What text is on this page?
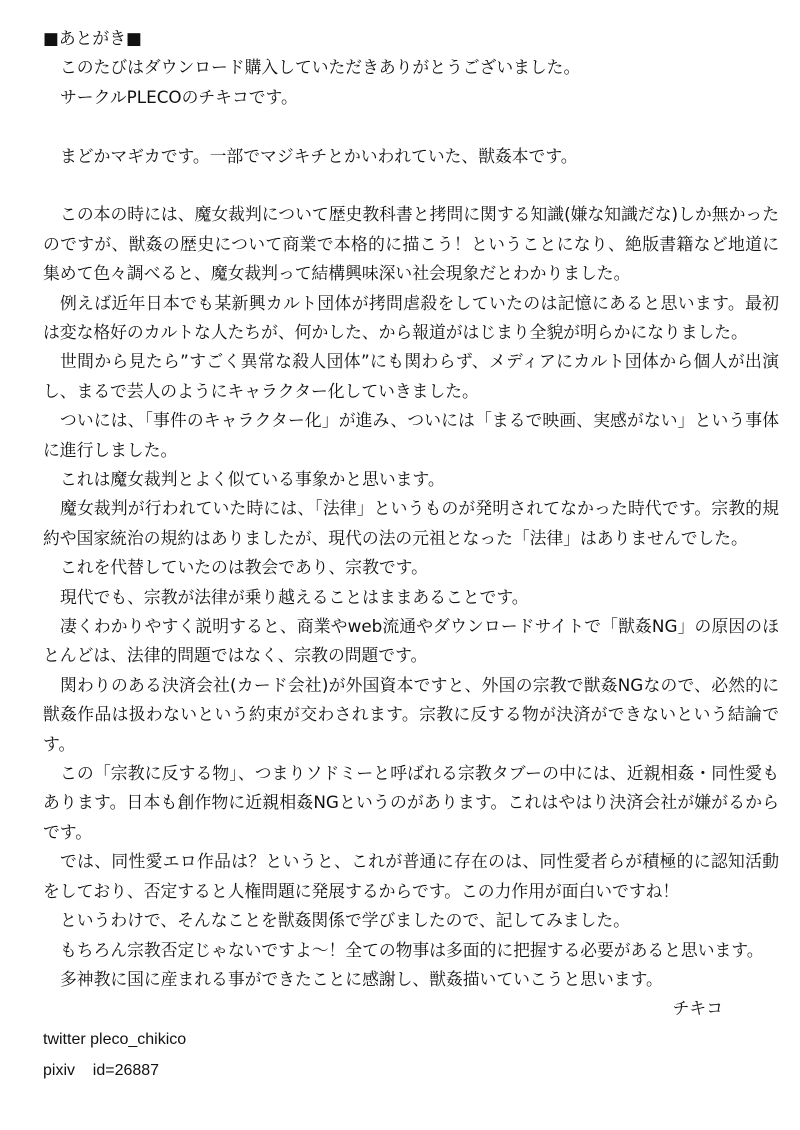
■あとがき■
このたびはダウンロード購入していただきありがとうございました。
サークルPLECOのチキコです。
まどかマギカです。一部でマジキチとかいわれていた、獣姦本です。
この本の時には、魔女裁判について歴史教科書と拷問に関する知識(嫌な知識だな)しか無かったのですが、獣姦の歴史について商業で本格的に描こう！ということになり、絶版書籍など地道に集めて色々調べると、魔女裁判って結構興味深い社会現象だとわかりました。
例えば近年日本でも某新興カルト団体が拷問虐殺をしていたのは記憶にあると思います。最初は変な格好のカルトな人たちが、何かした、から報道がはじまり全貌が明らかになりました。
世間から見たら”すごく異常な殺人団体”にも関わらず、メディアにカルト団体から個人が出演し、まるで芸人のようにキャラクター化していきました。
ついには、「事件のキャラクター化」が進み、ついには「まるで映画、実感がない」という事体に進行しました。
これは魔女裁判とよく似ている事象かと思います。
魔女裁判が行われていた時には、「法律」というものが発明されてなかった時代です。宗教的規約や国家統治の規約はありましたが、現代の法の元祖となった「法律」はありませんでした。
これを代替していたのは教会であり、宗教です。
現代でも、宗教が法律が乗り越えることはままあることです。
凄くわかりやすく説明すると、商業やweb流通やダウンロードサイトで「獣姦NG」の原因のほとんどは、法律的問題ではなく、宗教の問題です。
関わりのある決済会社(カード会社)が外国資本ですと、外国の宗教で獣姦NGなので、必然的に獣姦作品は扱わないという約束が交わされます。宗教に反する物が決済ができないという結論です。
この「宗教に反する物」、つまりソドミーと呼ばれる宗教タブーの中には、近親相姦・同性愛もあります。日本も創作物に近親相姦NGというのがあります。これはやはり決済会社が嫌がるからです。
では、同性愛エロ作品は？というと、これが普通に存在のは、同性愛者らが積極的に認知活動をしており、否定すると人権問題に発展するからです。この力作用が面白いですね！
というわけで、そんなことを獣姦関係で学びましたので、記してみました。
もちろん宗教否定じゃないですよ～！全ての物事は多面的に把握する必要があると思います。
多神教に国に産まれる事ができたことに感謝し、獣姦描いていこうと思います。
チキコ
twitter pleco_chikico
pixiv    id=26887
